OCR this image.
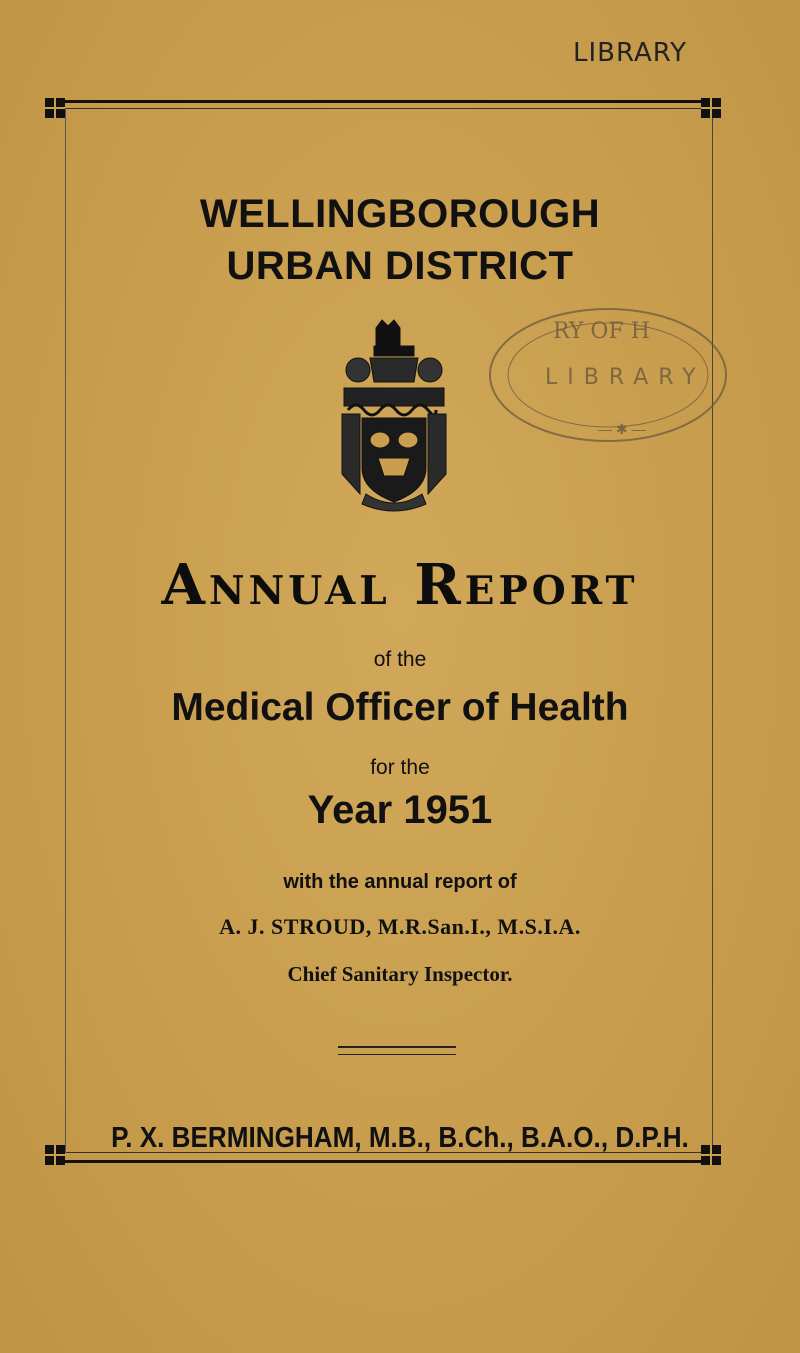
LIBRARY
WELLINGBOROUGH
URBAN DISTRICT
RY OF H
LIBRARY
— ✱ —
Annual Report
of the
Medical Officer of Health
for the
Year 1951
with the annual report of
A. J. STROUD, M.R.San.I., M.S.I.A.
Chief Sanitary Inspector.
P. X. BERMINGHAM, M.B., B.Ch., B.A.O., D.P.H.
